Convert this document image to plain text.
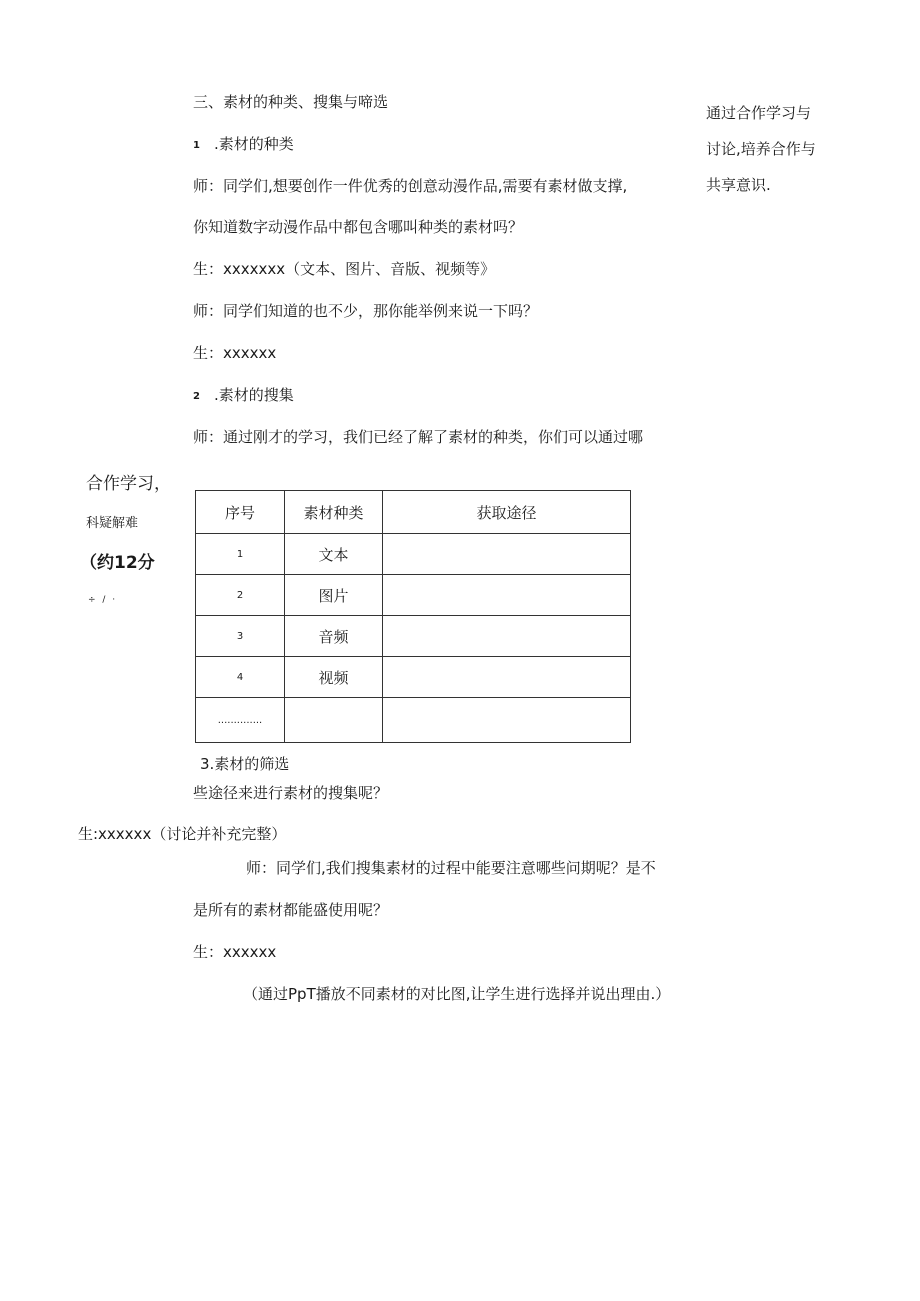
三、素材的种类、搜集与啼选
1 .素材的种类
师：同学们,想要创作一件优秀的创意动漫作品,需要有素材做支撑,
你知道数字动漫作品中都包含哪叫种类的素材吗？
生：xxxxxxx（文本、图片、音版、视频等》
师：同学们知道的也不少，那你能举例来说一下吗？
生：xxxxxx
2 .素材的搜集
师：通过刚才的学习，我们已经了解了素材的种类，你们可以通过哪
通过合作学习与
讨论,培养合作与
共享意识.
合作学习，
科疑解难
（约12分
÷ / ·
序号	素材种类	获取途径
1	文本	
2	图片	
3	音频	
4	视频	
..............		
3.素材的筛选
些途径来进行素材的搜集呢？
生:xxxxxx（讨论并补充完整）
师：同学们,我们搜集素材的过程中能要注意哪些问期呢？是不
是所有的素材都能盛使用呢？
生：xxxxxx
（通过PpT播放不同素材的对比图,让学生进行选择并说出理由.）
